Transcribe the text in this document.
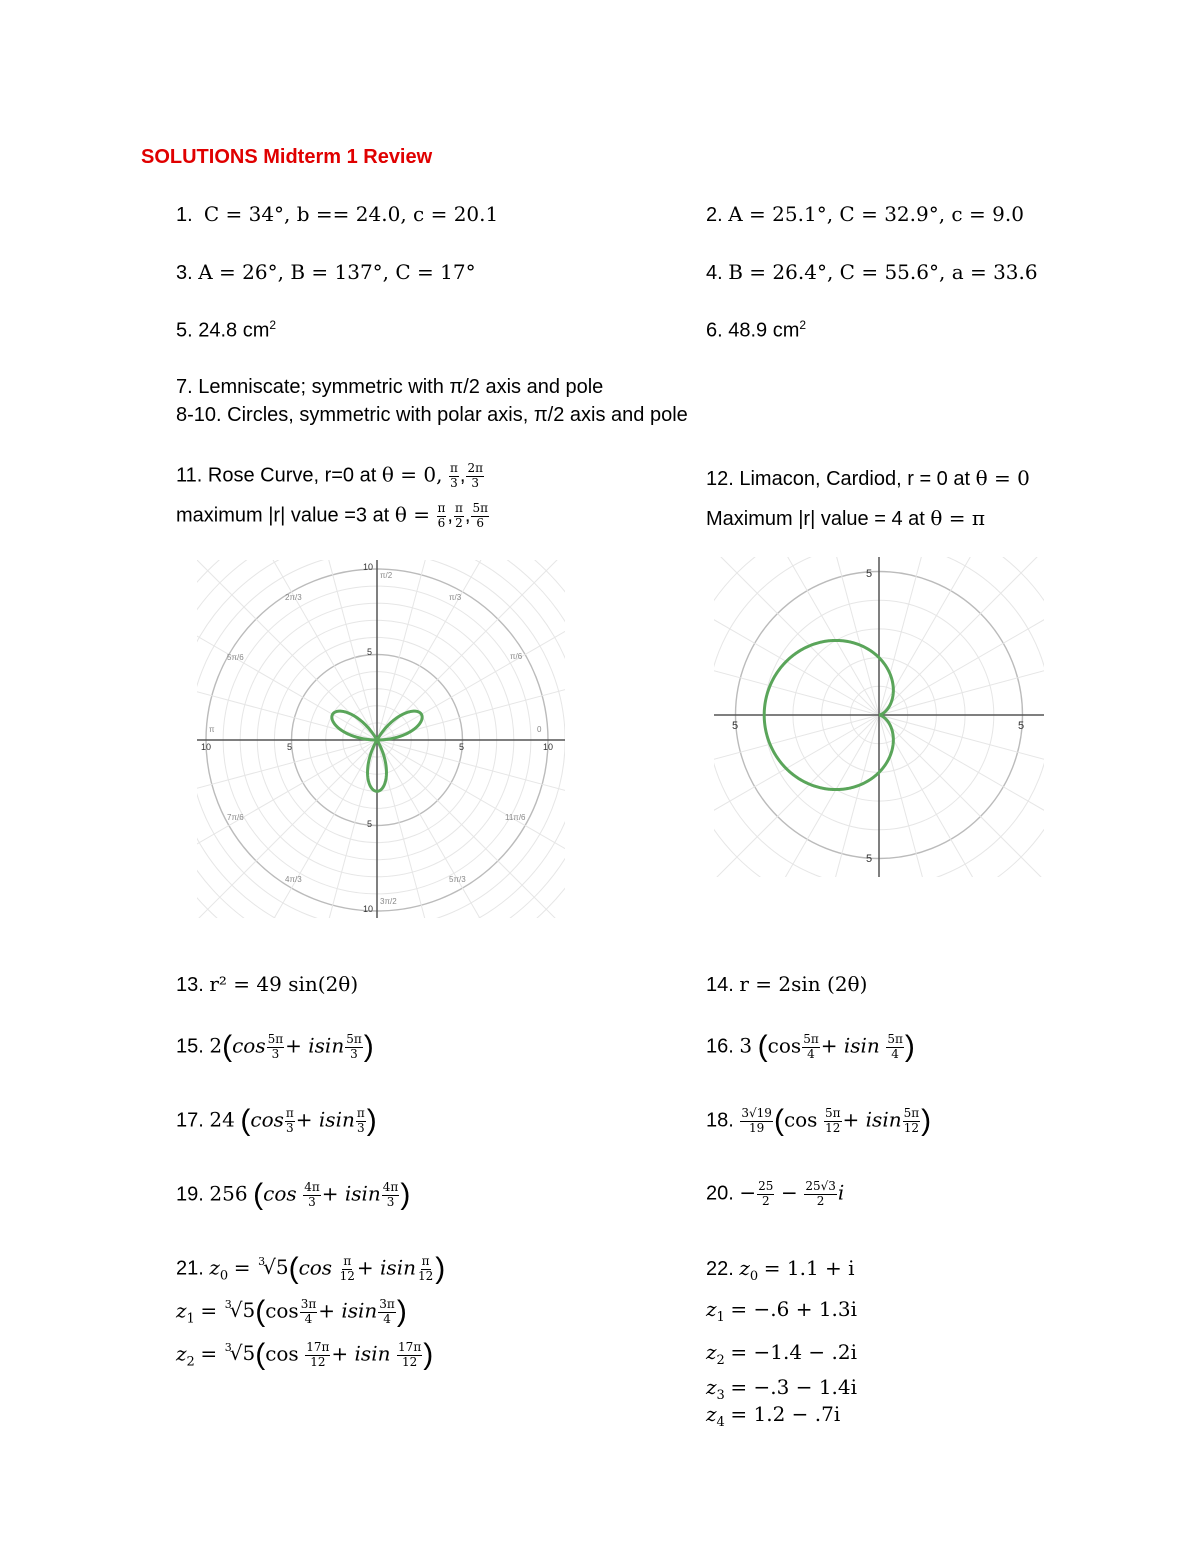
SOLUTIONS Midterm 1 Review
1. C = 34°, b == 24.0, c = 20.1	2. A = 25.1°, C = 32.9°, c = 9.0
3. A = 26°, B = 137°, C = 17°	4. B = 26.4°, C = 55.6°, a = 33.6
5. 24.8 $cm^2$	6. 48.9 $cm^2$
7. Lemniscate; symmetric with π/2 axis and pole
8-10. Circles, symmetric with polar axis, π/2 axis and pole
11. Rose Curve, r=0 at θ = 0, $\frac{\pi}{3}$ , $\frac{2\pi}{3}$
maximum |r| value =3 at $\theta = \frac{\pi}{6}$ , $\frac{\pi}{2}$ , $\frac{5\pi}{6}$
12. Limacon, Cardiod, r = 0 at θ = 0
Maximum |r| value = 4 at θ = π
10	5	5	10
10
5
5
10
π/2
π/3
π/6
0
2π/3
5π/6
π
7π/6
4π/3
3π/2
5π/3
11π/6
5	5
5
5
13. r² = 49 sin(2θ)	14. r = 2sin (2θ)
15. $2(\cos \frac{5\pi}{3} + isin \frac{5\pi}{3}$ )	16. 3 ($\cos \frac{5\pi}{4} + isin \frac{5\pi}{4}$ )
17. 24 ($\cos \frac{\pi}{3} + isin \frac{\pi}{3}$ )	18. $\frac{3√19}{19} (\cos \frac{5\pi}{12} + isin \frac{5\pi}{12}$ )
19. 256 ($\cos \frac{4\pi}{3} + isin \frac{4\pi}{3}$ )	20. − $\frac{25}{2} - \frac{25√3}{2}$ i
21. $z_0 = ^3√5(\cos \frac{\pi}{12} + isin \frac{\pi}{12}$ )
$z_1 = ^3√5(\cos \frac{3\pi}{4} + isin \frac{3\pi}{4}$ )
$z_2 = ^3√5(\cos \frac{17\pi}{12} + isin \frac{17\pi}{12}$ )
22. $z_0 = 1.1 + i$
$z_1 = -.6 + 1.3i$
$z_2 = -1.4 - .2i$
$z_3 = -.3 - 1.4i$
$z_4 = 1.2 - .7i$
